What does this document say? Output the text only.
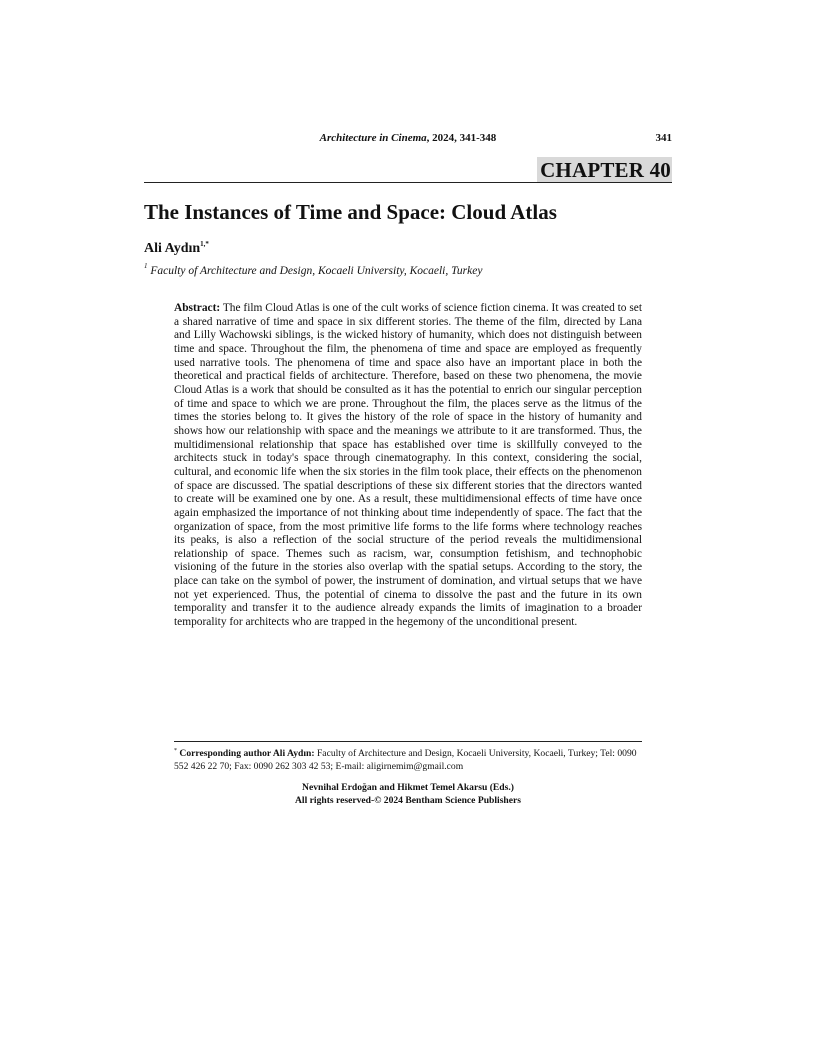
Architecture in Cinema, 2024, 341-348	341
CHAPTER 40
The Instances of Time and Space: Cloud Atlas
Ali Aydın$^{1,*}$
$^1$ Faculty of Architecture and Design, Kocaeli University, Kocaeli, Turkey
Abstract: The film Cloud Atlas is one of the cult works of science fiction cinema. It was created to set a shared narrative of time and space in six different stories. The theme of the film, directed by Lana and Lilly Wachowski siblings, is the wicked history of humanity, which does not distinguish between time and space. Throughout the film, the phenomena of time and space are employed as frequently used narrative tools. The phenomena of time and space also have an important place in both the theoretical and practical fields of architecture. Therefore, based on these two phenomena, the movie Cloud Atlas is a work that should be consulted as it has the potential to enrich our singular perception of time and space to which we are prone. Throughout the film, the places serve as the litmus of the times the stories belong to. It gives the history of the role of space in the history of humanity and shows how our relationship with space and the meanings we attribute to it are transformed. Thus, the multidimensional relationship that space has established over time is skillfully conveyed to the architects stuck in today's space through cinematography. In this context, considering the social, cultural, and economic life when the six stories in the film took place, their effects on the phenomenon of space are discussed. The spatial descriptions of these six different stories that the directors wanted to create will be examined one by one. As a result, these multidimensional effects of time have once again emphasized the importance of not thinking about time independently of space. The fact that the organization of space, from the most primitive life forms to the life forms where technology reaches its peaks, is also a reflection of the social structure of the period reveals the multidimensional relationship of space. Themes such as racism, war, consumption fetishism, and technophobic visioning of the future in the stories also overlap with the spatial setups. According to the story, the place can take on the symbol of power, the instrument of domination, and virtual setups that we have not yet experienced. Thus, the potential of cinema to dissolve the past and the future in its own temporality and transfer it to the audience already expands the limits of imagination to a broader temporality for architects who are trapped in the hegemony of the unconditional present.
* Corresponding author Ali Aydın: Faculty of Architecture and Design, Kocaeli University, Kocaeli, Turkey; Tel: 0090 552 426 22 70; Fax: 0090 262 303 42 53; E-mail: aligirnemim@gmail.com
Nevnihal Erdoğan and Hikmet Temel Akarsu (Eds.)
All rights reserved-© 2024 Bentham Science Publishers
